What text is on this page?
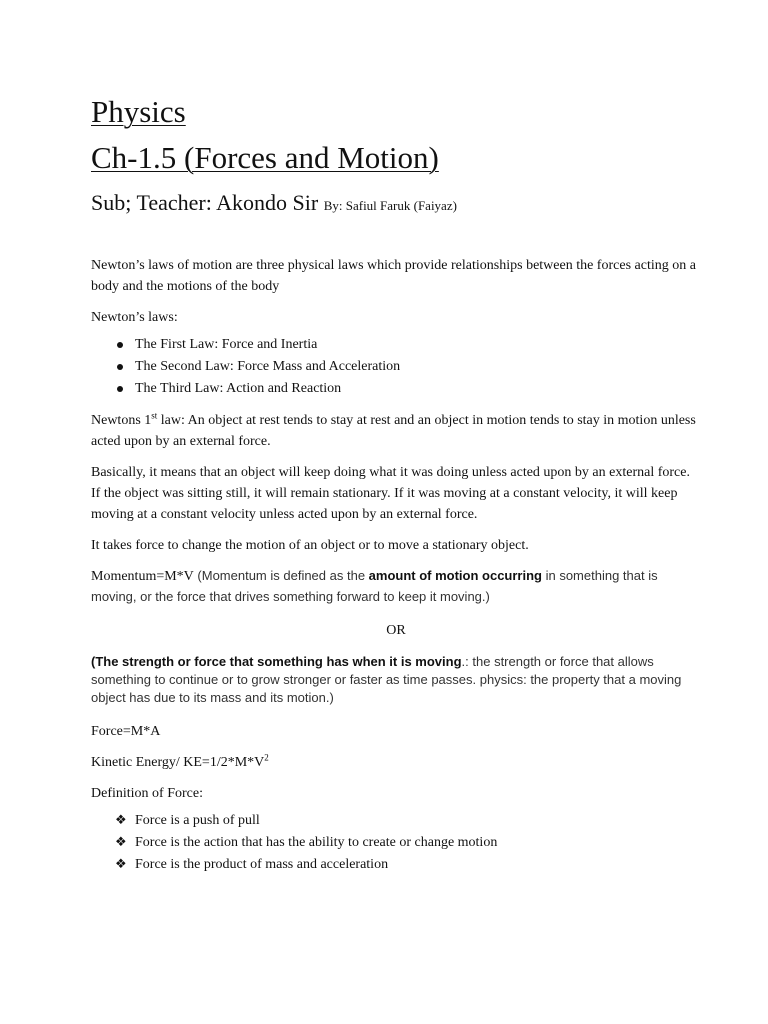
Physics
Ch-1.5 (Forces and Motion)

Sub; Teacher: Akondo Sir By: Safiul Faruk (Faiyaz)

Newton’s laws of motion are three physical laws which provide relationships between the forces acting on a body and the motions of the body

Newton’s laws:

The First Law: Force and Inertia
The Second Law: Force Mass and Acceleration
The Third Law: Action and Reaction

Newtons 1st law: An object at rest tends to stay at rest and an object in motion tends to stay in motion unless acted upon by an external force.

Basically, it means that an object will keep doing what it was doing unless acted upon by an external force. If the object was sitting still, it will remain stationary. If it was moving at a constant velocity, it will keep moving at a constant velocity unless acted upon by an external force.

It takes force to change the motion of an object or to move a stationary object.

Momentum=M*V (Momentum is defined as the amount of motion occurring in something that is moving, or the force that drives something forward to keep it moving.)

OR
(The strength or force that something has when it is moving.: the strength or force that allows something to continue or to grow stronger or faster as time passes. physics: the property that a moving object has due to its mass and its motion.)

Force=M*A

Kinetic Energy/ $KE=1/2*M*V^2$

Definition of Force:

❖ Force is a push of pull
❖ Force is the action that has the ability to create or change motion
❖ Force is the product of mass and acceleration
